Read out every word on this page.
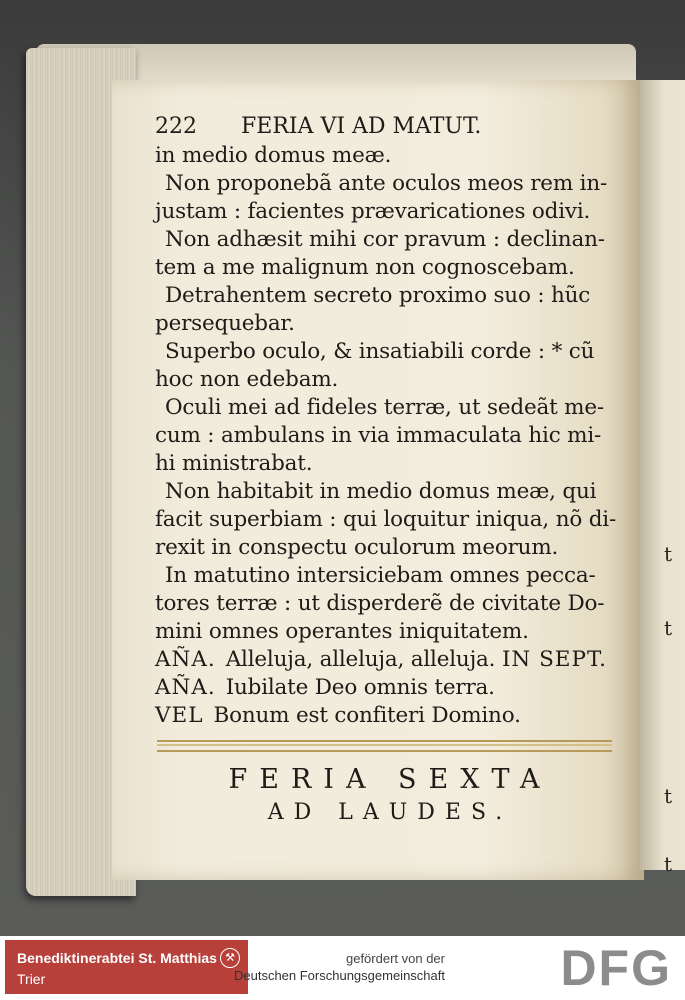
t
t
t
t
222 FERIA VI AD MATUT.
in medio domus meæ.
Non proponebã ante oculos meos rem in-
justam : facientes prævaricationes odivi.
Non adhæsit mihi cor pravum : declinan-
tem a me malignum non cognoscebam.
Detrahentem secreto proximo suo : hũc
persequebar.
Superbo oculo, & insatiabili corde : * cũ
hoc non edebam.
Oculi mei ad fideles terræ, ut sedeãt me-
cum : ambulans in via immaculata hic mi-
hi ministrabat.
Non habitabit in medio domus meæ, qui
facit superbiam : qui loquitur iniqua, nõ di-
rexit in conspectu oculorum meorum.
In matutino intersiciebam omnes pecca-
tores terræ : ut disperderẽ de civitate Do-
mini omnes operantes iniquitatem.
AÑA. Alleluja, alleluja, alleluja. IN SEPT.
AÑA. Iubilate Deo omnis terra.
VEL Bonum est confiteri Domino.
FERIA SEXTA
AD LAUDES.
Benediktinerabtei St. Matthias
Trier
⚒	gefördert von der
Deutschen Forschungsgemeinschaft	DFG
